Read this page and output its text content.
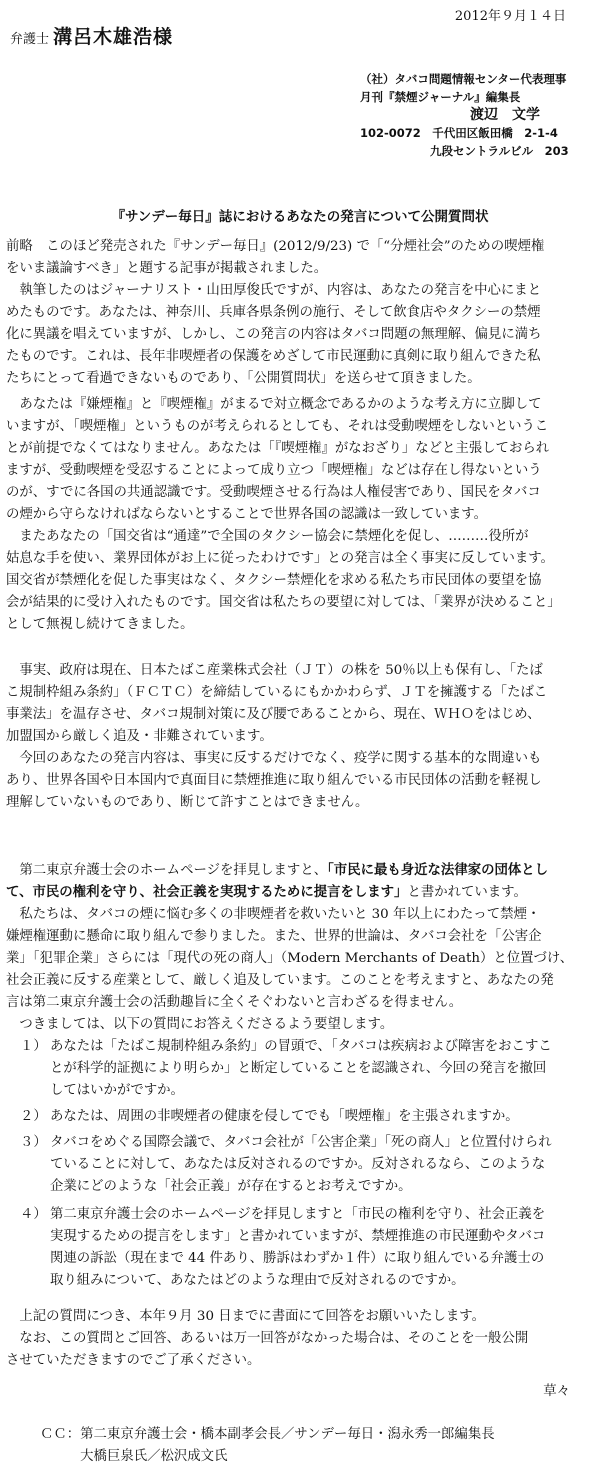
2012年９月１４日
弁護士 溝呂木雄浩様
（社）タバコ問題情報センター代表理事
月刊『禁煙ジャーナル』編集長
渡辺　文学
102-0072　千代田区飯田橋　2-1-4
九段セントラルビル　203
『サンデー毎日』誌におけるあなたの発言について公開質問状
前略　このほど発売された『サンデー毎日』(2012/9/23) で「“分煙社会”のための喫煙権
をいま議論すべき」と題する記事が掲載されました。
　執筆したのはジャーナリスト・山田厚俊氏ですが、内容は、あなたの発言を中心にまと
めたものです。あなたは、神奈川、兵庫各県条例の施行、そして飲食店やタクシーの禁煙
化に異議を唱えていますが、しかし、この発言の内容はタバコ問題の無理解、偏見に満ち
たものです。これは、長年非喫煙者の保護をめざして市民運動に真剣に取り組んできた私
たちにとって看過できないものであり、「公開質問状」を送らせて頂きました。
　あなたは『嫌煙権』と『喫煙権』がまるで対立概念であるかのような考え方に立脚して
いますが、「喫煙権」というものが考えられるとしても、それは受動喫煙をしないというこ
とが前提でなくてはなりません。あなたは「『喫煙権』がなおざり」などと主張しておられ
ますが、受動喫煙を受忍することによって成り立つ「喫煙権」などは存在し得ないという
のが、すでに各国の共通認識です。受動喫煙させる行為は人権侵害であり、国民をタバコ
の煙から守らなければならないとすることで世界各国の認識は一致しています。
　またあなたの「国交省は“通達”で全国のタクシー協会に禁煙化を促し、………役所が
姑息な手を使い、業界団体がお上に従ったわけです」との発言は全く事実に反しています。
国交省が禁煙化を促した事実はなく、タクシー禁煙化を求める私たち市民団体の要望を協
会が結果的に受け入れたものです。国交省は私たちの要望に対しては、「業界が決めること」
として無視し続けてきました。
　事実、政府は現在、日本たばこ産業株式会社（ＪＴ）の株を 50％以上も保有し、「たば
こ規制枠組み条約」（ＦＣＴＣ）を締結しているにもかかわらず、ＪＴを擁護する「たばこ
事業法」を温存させ、タバコ規制対策に及び腰であることから、現在、ＷＨＯをはじめ、
加盟国から厳しく追及・非難されています。
　今回のあなたの発言内容は、事実に反するだけでなく、疫学に関する基本的な間違いも
あり、世界各国や日本国内で真面目に禁煙推進に取り組んでいる市民団体の活動を軽視し
理解していないものであり、断じて許すことはできません。
　第二東京弁護士会のホームページを拝見しますと、「市民に最も身近な法律家の団体とし
て、市民の権利を守り、社会正義を実現するために提言をします」と書かれています。
　私たちは、タバコの煙に悩む多くの非喫煙者を救いたいと 30 年以上にわたって禁煙・
嫌煙権運動に懸命に取り組んで参りました。また、世界的世論は、タバコ会社を「公害企
業」「犯罪企業」さらには「現代の死の商人」（Modern Merchants of Death）と位置づけ、
社会正義に反する産業として、厳しく追及しています。このことを考えますと、あなたの発
言は第二東京弁護士会の活動趣旨に全くそぐわないと言わざるを得ません。
　つきましては、以下の質問にお答えくださるよう要望します。
１） あなたは「たばこ規制枠組み条約」の冒頭で、「タバコは疾病および障害をおこすこ
とが科学的証拠により明らか」と断定していることを認識され、今回の発言を撤回
してはいかがですか。
２） あなたは、周囲の非喫煙者の健康を侵してでも「喫煙権」を主張されますか。
３） タバコをめぐる国際会議で、タバコ会社が「公害企業」「死の商人」と位置付けられ
ていることに対して、あなたは反対されるのですか。反対されるなら、このような
企業にどのような「社会正義」が存在するとお考えですか。
４） 第二東京弁護士会のホームページを拝見しますと「市民の権利を守り、社会正義を
実現するための提言をします」と書かれていますが、禁煙推進の市民運動やタバコ
関連の訴訟（現在まで 44 件あり、勝訴はわずか１件）に取り組んでいる弁護士の
取り組みについて、あなたはどのような理由で反対されるのですか。
　上記の質問につき、本年９月 30 日までに書面にて回答をお願いいたします。
　なお、この質問とご回答、あるいは万一回答がなかった場合は、そのことを一般公開
させていただきますのでご了承ください。
草々
ＣＣ：第二東京弁護士会・橋本副孝会長／サンデー毎日・潟永秀一郎編集長
　　　大橋巨泉氏／松沢成文氏
